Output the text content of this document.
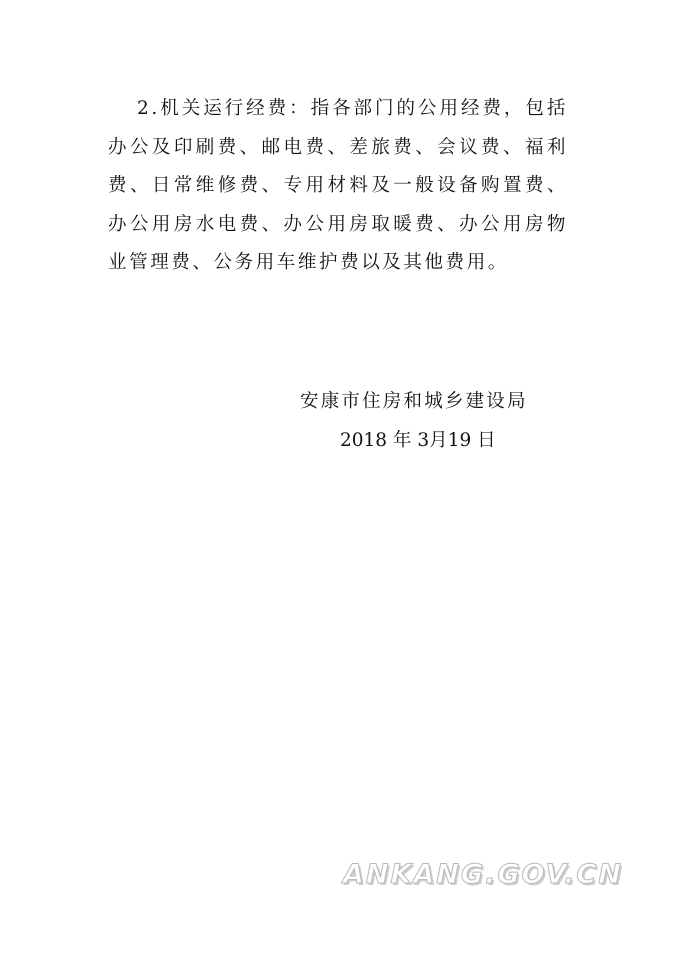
2.机关运行经费：指各部门的公用经费，包括办公及印刷费、邮电费、差旅费、会议费、福利费、日常维修费、专用材料及一般设备购置费、办公用房水电费、办公用房取暖费、办公用房物业管理费、公务用车维护费以及其他费用。

安康市住房和城乡建设局
2018 年 3月19 日
ANKANG.GOV.CN
